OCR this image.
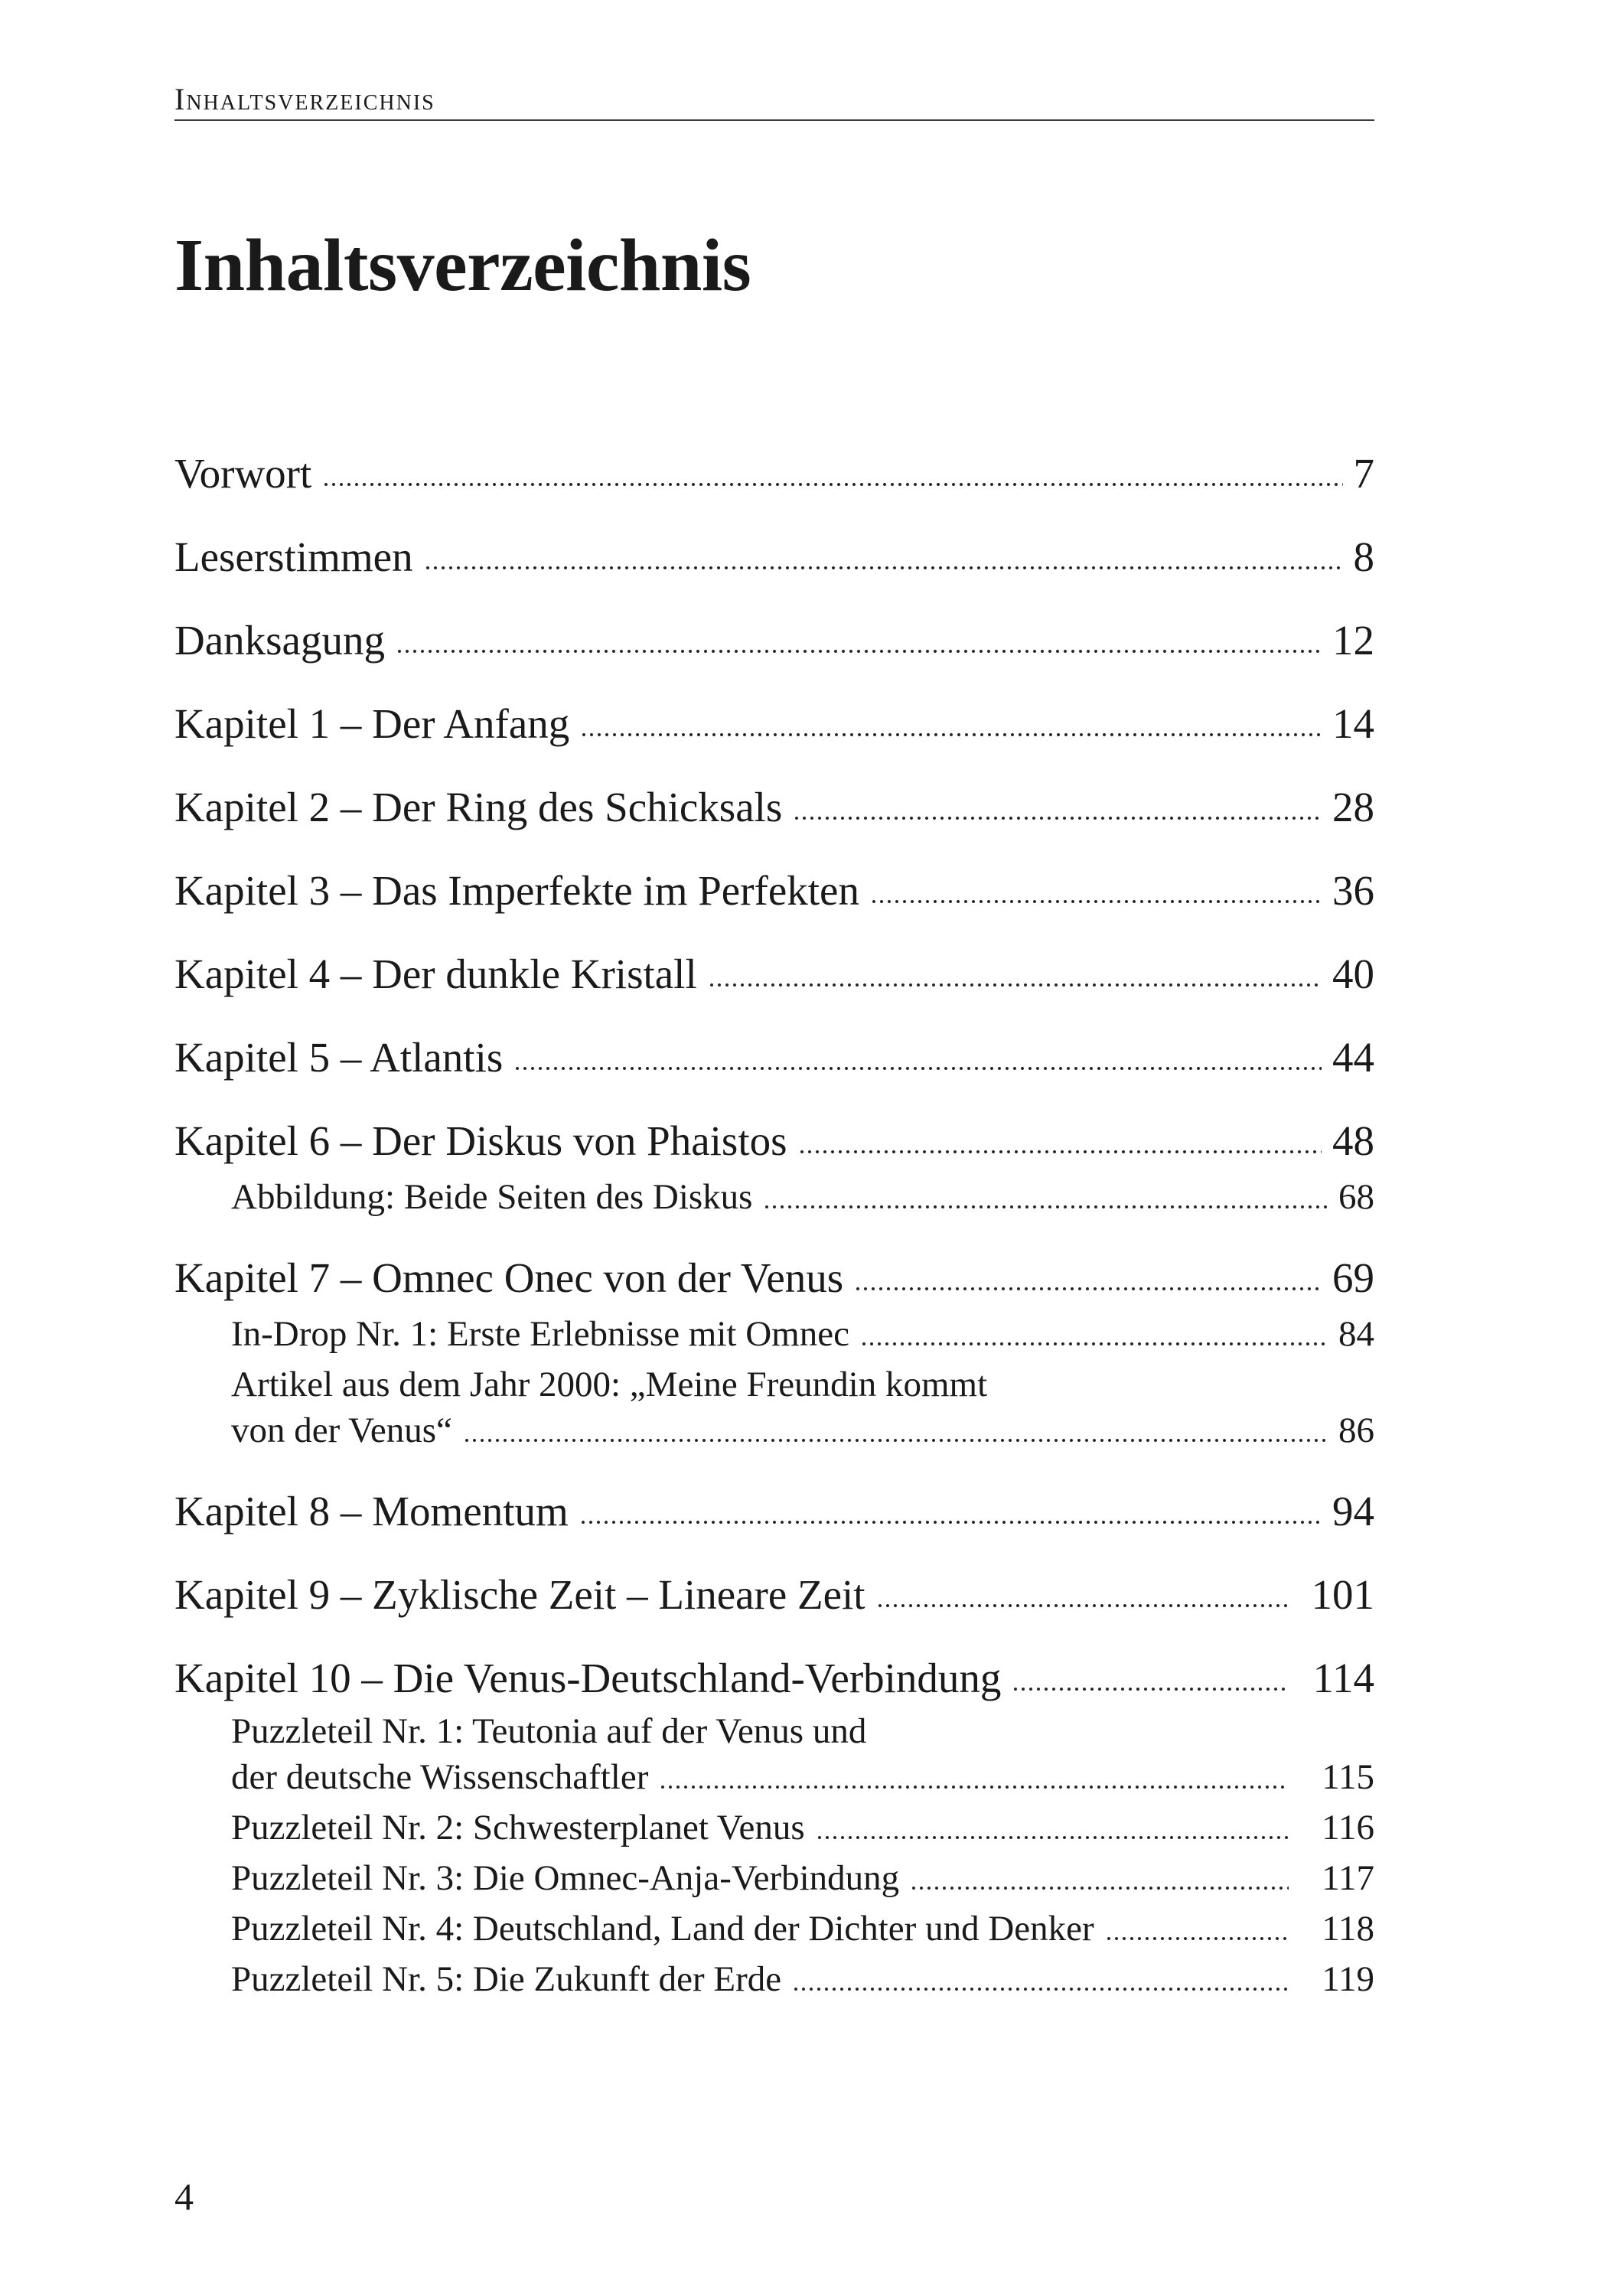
Inhaltsverzeichnis
Inhaltsverzeichnis
Vorwort	7
Leserstimmen	8
Danksagung	12
Kapitel 1 – Der Anfang	14
Kapitel 2 – Der Ring des Schicksals	28
Kapitel 3 – Das Imperfekte im Perfekten	36
Kapitel 4 – Der dunkle Kristall	40
Kapitel 5 – Atlantis	44
Kapitel 6 – Der Diskus von Phaistos	48
Abbildung: Beide Seiten des Diskus	68
Kapitel 7 – Omnec Onec von der Venus	69
In-Drop Nr. 1: Erste Erlebnisse mit Omnec	84
Artikel aus dem Jahr 2000: „Meine Freundin kommt
von der Venus“	86
Kapitel 8 – Momentum	94
Kapitel 9 – Zyklische Zeit – Lineare Zeit	101
Kapitel 10 – Die Venus-Deutschland-Verbindung	114
Puzzleteil Nr. 1: Teutonia auf der Venus und
der deutsche Wissenschaftler	115
Puzzleteil Nr. 2: Schwesterplanet Venus	116
Puzzleteil Nr. 3: Die Omnec-Anja-Verbindung	117
Puzzleteil Nr. 4: Deutschland, Land der Dichter und Denker	118
Puzzleteil Nr. 5: Die Zukunft der Erde	119
4
